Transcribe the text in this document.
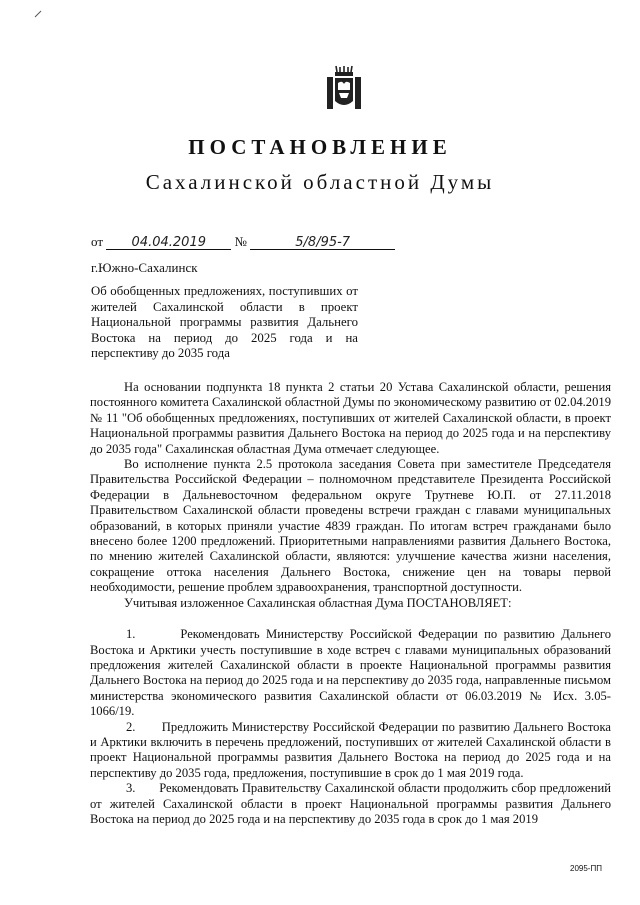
ПОСТАНОВЛЕНИЕ
Сахалинской областной Думы
от 04.04.2019 №	5/8/95-7
г.Южно-Сахалинск
Об обобщенных предложениях, поступивших от жителей Сахалинской области в проект Национальной программы развития Дальнего Востока на период до 2025 года и на перспективу до 2035 года

На основании подпункта 18 пункта 2 статьи 20 Устава Сахалинской области, решения постоянного комитета Сахалинской областной Думы по экономическому развитию от 02.04.2019 № 11 "Об обобщенных предложениях, поступивших от жителей Сахалинской области, в проект Национальной программы развития Дальнего Востока на период до 2025 года и на перспективу до 2035 года" Сахалинская областная Дума отмечает следующее.

Во исполнение пункта 2.5 протокола заседания Совета при заместителе Председателя Правительства Российской Федерации – полномочном представителе Президента Российской Федерации в Дальневосточном федеральном округе Трутневе Ю.П. от 27.11.2018 Правительством Сахалинской области проведены встречи граждан с главами муниципальных образований, в которых приняли участие 4839 граждан. По итогам встреч гражданами было внесено более 1200 предложений. Приоритетными направлениями развития Дальнего Востока, по мнению жителей Сахалинской области, являются: улучшение качества жизни населения, сокращение оттока населения Дальнего Востока, снижение цен на товары первой необходимости, решение проблем здравоохранения, транспортной доступности.

Учитывая изложенное Сахалинская областная Дума ПОСТАНОВЛЯЕТ:

1.       Рекомендовать Министерству Российской Федерации по развитию Дальнего Востока и Арктики учесть поступившие в ходе встреч с главами муниципальных образований предложения жителей Сахалинской области в проекте Национальной программы развития Дальнего Востока на период до 2025 года и на перспективу до 2035 года, направленные письмом министерства экономического развития Сахалинской области от 06.03.2019 № Исх. 3.05-1066/19.

2.       Предложить Министерству Российской Федерации по развитию Дальнего Востока и Арктики включить в перечень предложений, поступивших от жителей Сахалинской области в проект Национальной программы развития Дальнего Востока на период до 2025 года и на перспективу до 2035 года, предложения, поступившие в срок до 1 мая 2019 года.

3.       Рекомендовать Правительству Сахалинской области продолжить сбор предложений от жителей Сахалинской области в проект Национальной программы развития Дальнего Востока на период до 2025 года и на перспективу до 2035 года в срок до 1 мая 2019

2095-ПП
